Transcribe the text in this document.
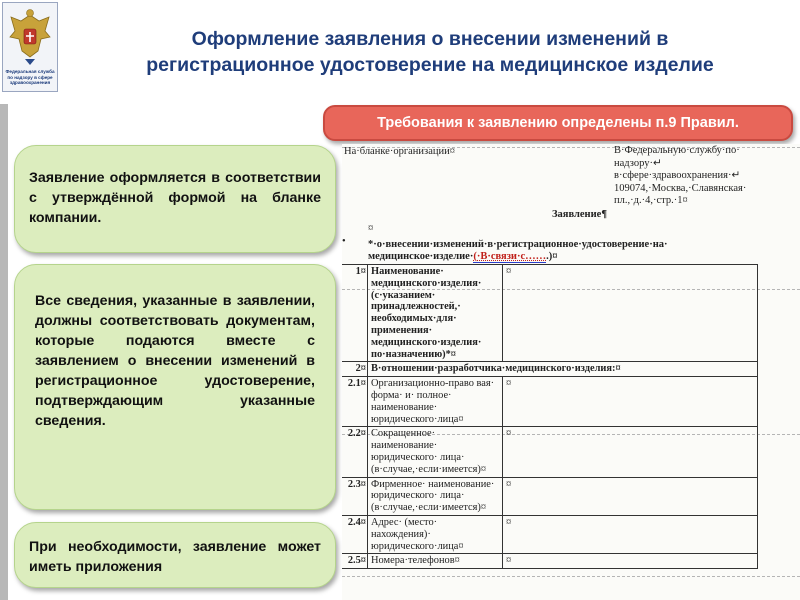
Федеральная служба
по надзору в сфере
здравоохранения
Оформление заявления о внесении изменений в
регистрационное удостоверение на медицинское изделие
Требования к заявлению определены п.9 Правил.
Заявление оформляется в соответствии с утверждённой формой на бланке компании.
Все сведения, указанные в заявлении, должны соответствовать документам, которые подаются вместе с заявлением о внесении изменений в регистрационное удостоверение, подтверждающим указанные сведения.
При необходимости, заявление может иметь приложения
На·бланке·организации¤	В·Федеральную·службу·по·
надзору·↵
в·сфере·здравоохранения·↵
109074,·Москва,·Славянская·
пл.,·д.·4,·стр.·1¤
Заявление¶
¤
*·о·внесении·изменений·в·регистрационное·удостоверение·на·
медицинское·изделие·(·В·связи·с…….)¤
•
1¤	Наименование· медицинского·изделия· (с·указанием· принадлежностей,· необходимых·для· применения· медицинского·изделия· по·назначению)*¤	¤
2¤	В·отношении·разработчика·медицинского·изделия:¤	
2.1¤	Организационно-право вая· форма· и· полное· наименование· юридического·лица¤	¤
2.2¤	Сокращенное· наименование· юридического· лица· (в·случае,·если·имеется)¤	¤
2.3¤	Фирменное· наименование· юридического· лица· (в·случае,·если·имеется)¤	¤
2.4¤	Адрес· (место· нахождения)· юридического·лица¤	¤
2.5¤	Номера·телефонов¤	¤
